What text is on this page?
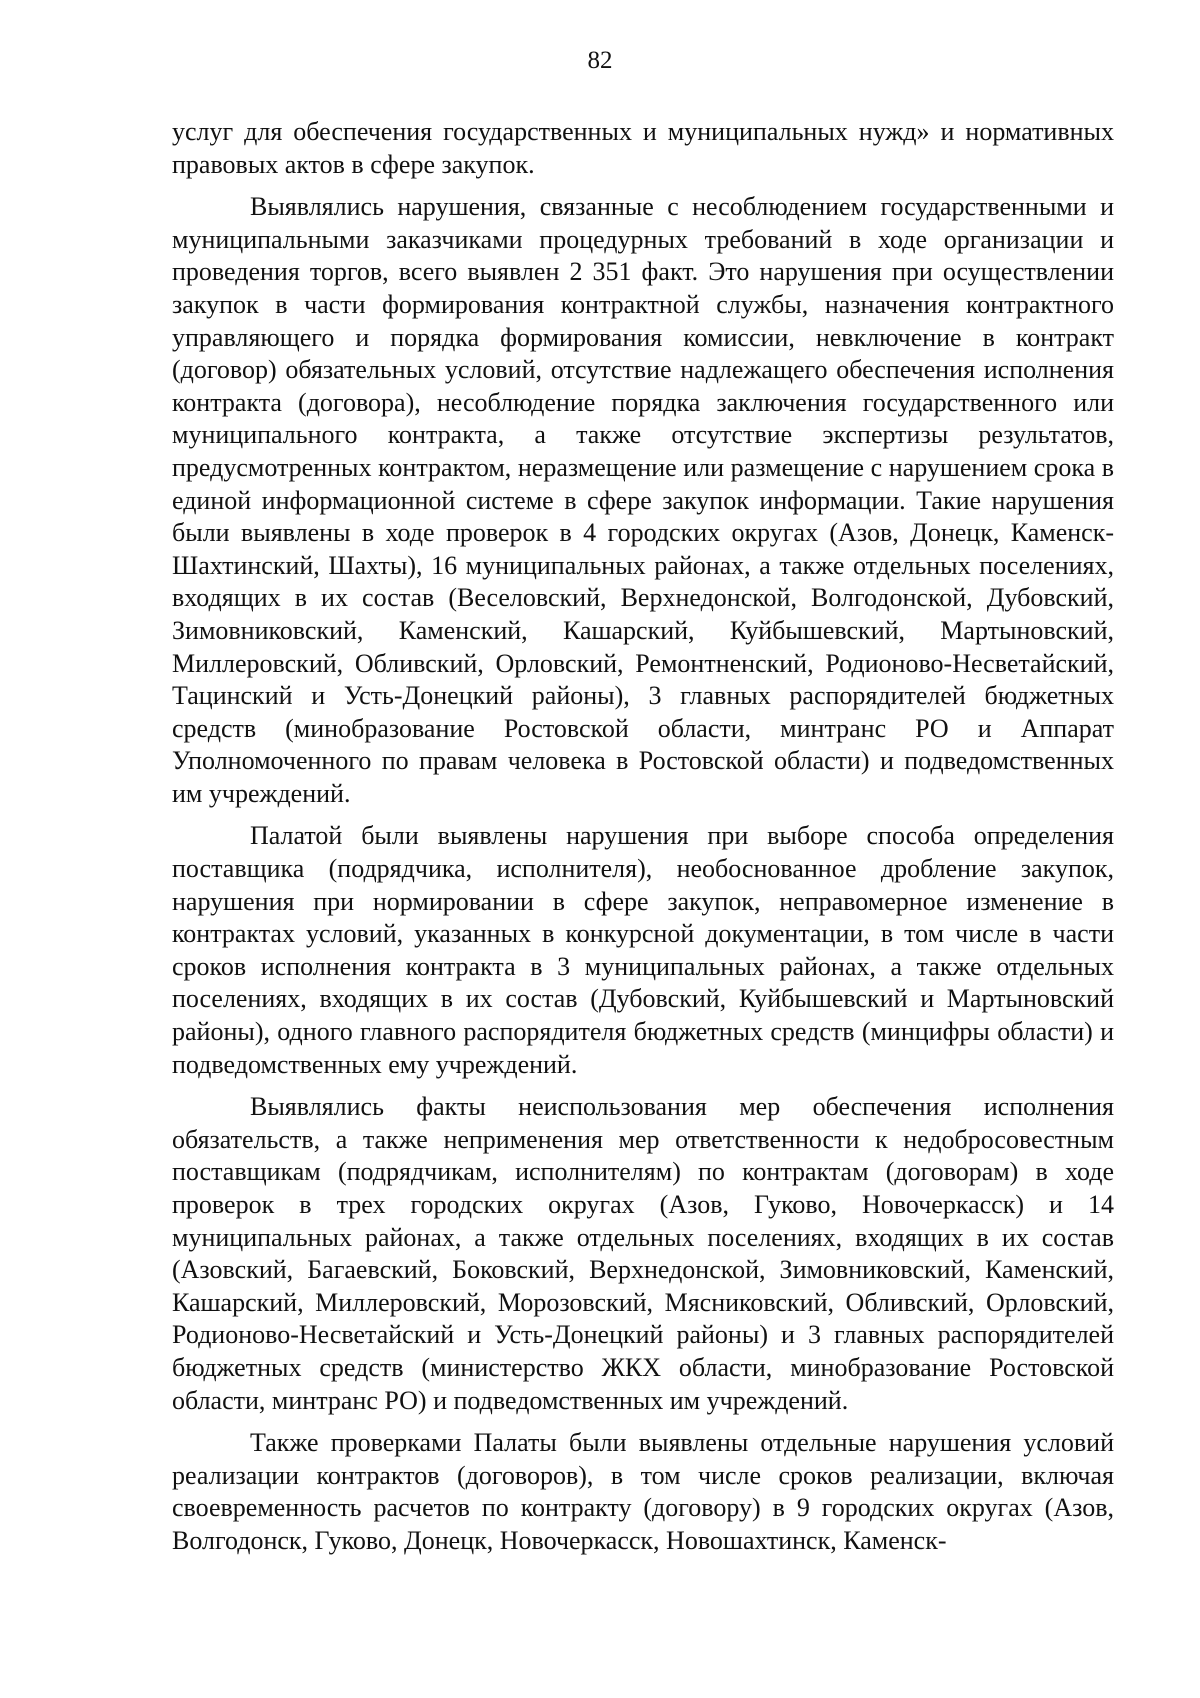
82

услуг для обеспечения государственных и муниципальных нужд» и нормативных правовых актов в сфере закупок.

Выявлялись нарушения, связанные с несоблюдением государственными и муниципальными заказчиками процедурных требований в ходе организации и проведения торгов, всего выявлен 2 351 факт. Это нарушения при осуществлении закупок в части формирования контрактной службы, назначения контрактного управляющего и порядка формирования комиссии, невключение в контракт (договор) обязательных условий, отсутствие надлежащего обеспечения исполнения контракта (договора), несоблюдение порядка заключения государственного или муниципального контракта, а также отсутствие экспертизы результатов, предусмотренных контрактом, неразмещение или размещение с нарушением срока в единой информационной системе в сфере закупок информации. Такие нарушения были выявлены в ходе проверок в 4 городских округах (Азов, Донецк, Каменск-Шахтинский, Шахты), 16 муниципальных районах, а также отдельных поселениях, входящих в их состав (Веселовский, Верхнедонской, Волгодонской, Дубовский, Зимовниковский, Каменский, Кашарский, Куйбышевский, Мартыновский, Миллеровский, Обливский, Орловский, Ремонтненский, Родионово-Несветайский, Тацинский и Усть-Донецкий районы), 3 главных распорядителей бюджетных средств (минобразование Ростовской области, минтранс РО и Аппарат Уполномоченного по правам человека в Ростовской области) и подведомственных им учреждений.

Палатой были выявлены нарушения при выборе способа определения поставщика (подрядчика, исполнителя), необоснованное дробление закупок, нарушения при нормировании в сфере закупок, неправомерное изменение в контрактах условий, указанных в конкурсной документации, в том числе в части сроков исполнения контракта в 3 муниципальных районах, а также отдельных поселениях, входящих в их состав (Дубовский, Куйбышевский и Мартыновский районы), одного главного распорядителя бюджетных средств (минцифры области) и подведомственных ему учреждений.

Выявлялись факты неиспользования мер обеспечения исполнения обязательств, а также неприменения мер ответственности к недобросовестным поставщикам (подрядчикам, исполнителям) по контрактам (договорам) в ходе проверок в трех городских округах (Азов, Гуково, Новочеркасск) и 14 муниципальных районах, а также отдельных поселениях, входящих в их состав (Азовский, Багаевский, Боковский, Верхнедонской, Зимовниковский, Каменский, Кашарский, Миллеровский, Морозовский, Мясниковский, Обливский, Орловский, Родионово-Несветайский и Усть-Донецкий районы) и 3 главных распорядителей бюджетных средств (министерство ЖКХ области, минобразование Ростовской области, минтранс РО) и подведомственных им учреждений.

Также проверками Палаты были выявлены отдельные нарушения условий реализации контрактов (договоров), в том числе сроков реализации, включая своевременность расчетов по контракту (договору) в 9 городских округах (Азов, Волгодонск, Гуково, Донецк, Новочеркасск, Новошахтинск, Каменск-
